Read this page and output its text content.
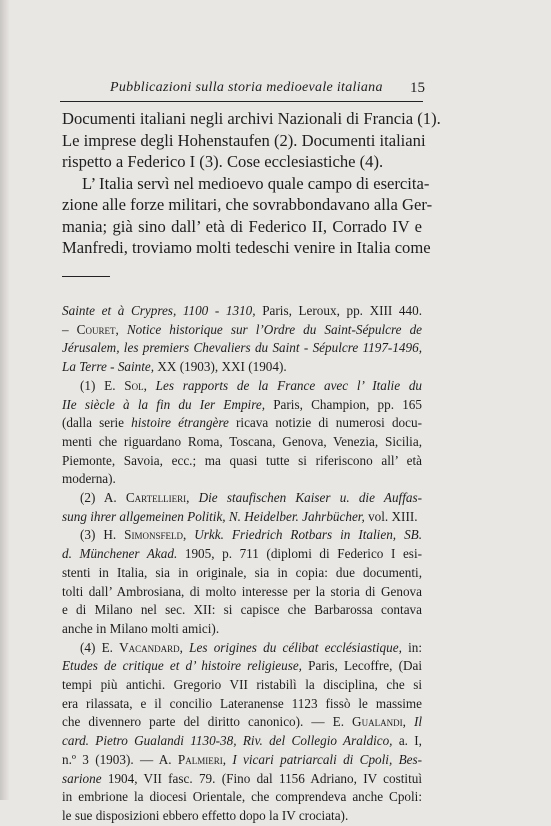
Pubblicazioni sulla storia medioevale italiana 15
Documenti italiani negli archivi Nazionali di Francia (1).
Le imprese degli Hohenstaufen (2). Documenti italiani
rispetto a Federico I (3). Cose ecclesiastiche (4).
L’ Italia servì nel medioevo quale campo di esercita-
zione alle forze militari, che sovrabbondavano alla Ger-
mania; già sino dall’ età di Federico II, Corrado IV e
Manfredi, troviamo molti tedeschi venire in Italia come
Sainte et à Crypres, 1100 - 1310, Paris, Leroux, pp. XIII 440.
– Couret, Notice historique sur l’Ordre du Saint-Sépulcre de
Jérusalem, les premiers Chevaliers du Saint - Sépulcre 1197-1496,
La Terre - Sainte, XX (1903), XXI (1904).
(1) E. Sol, Les rapports de la France avec l’ Italie du
IIe siècle à la fin du Ier Empire, Paris, Champion, pp. 165
(dalla serie histoire étrangère ricava notizie di numerosi docu-
menti che riguardano Roma, Toscana, Genova, Venezia, Sicilia,
Piemonte, Savoia, ecc.; ma quasi tutte si riferiscono all’ età
moderna).
(2) A. Cartellieri, Die staufischen Kaiser u. die Auffas-
sung ihrer allgemeinen Politik, N. Heidelber. Jahrbücher, vol. XIII.
(3) H. Simonsfeld, Urkk. Friedrich Rotbars in Italien, SB.
d. Münchener Akad. 1905, p. 711 (diplomi di Federico I esi-
stenti in Italia, sia in originale, sia in copia: due documenti,
tolti dall’ Ambrosiana, di molto interesse per la storia di Genova
e di Milano nel sec. XII: si capisce che Barbarossa contava
anche in Milano molti amici).
(4) E. Vacandard, Les origines du célibat ecclésiastique, in:
Etudes de critique et d’ histoire religieuse, Paris, Lecoffre, (Dai
tempi più antichi. Gregorio VII ristabilì la disciplina, che si
era rilassata, e il concilio Lateranense 1123 fissò le massime
che divennero parte del diritto canonico). — E. Gualandi, Il
card. Pietro Gualandi 1130-38, Riv. del Collegio Araldico, a. I,
n.º 3 (1903). — A. Palmieri, I vicari patriarcali di Cpoli, Bes-
sarione 1904, VII fasc. 79. (Fino dal 1156 Adriano, IV costituì
in embrione la diocesi Orientale, che comprendeva anche Cpoli:
le sue disposizioni ebbero effetto dopo la IV crociata).
